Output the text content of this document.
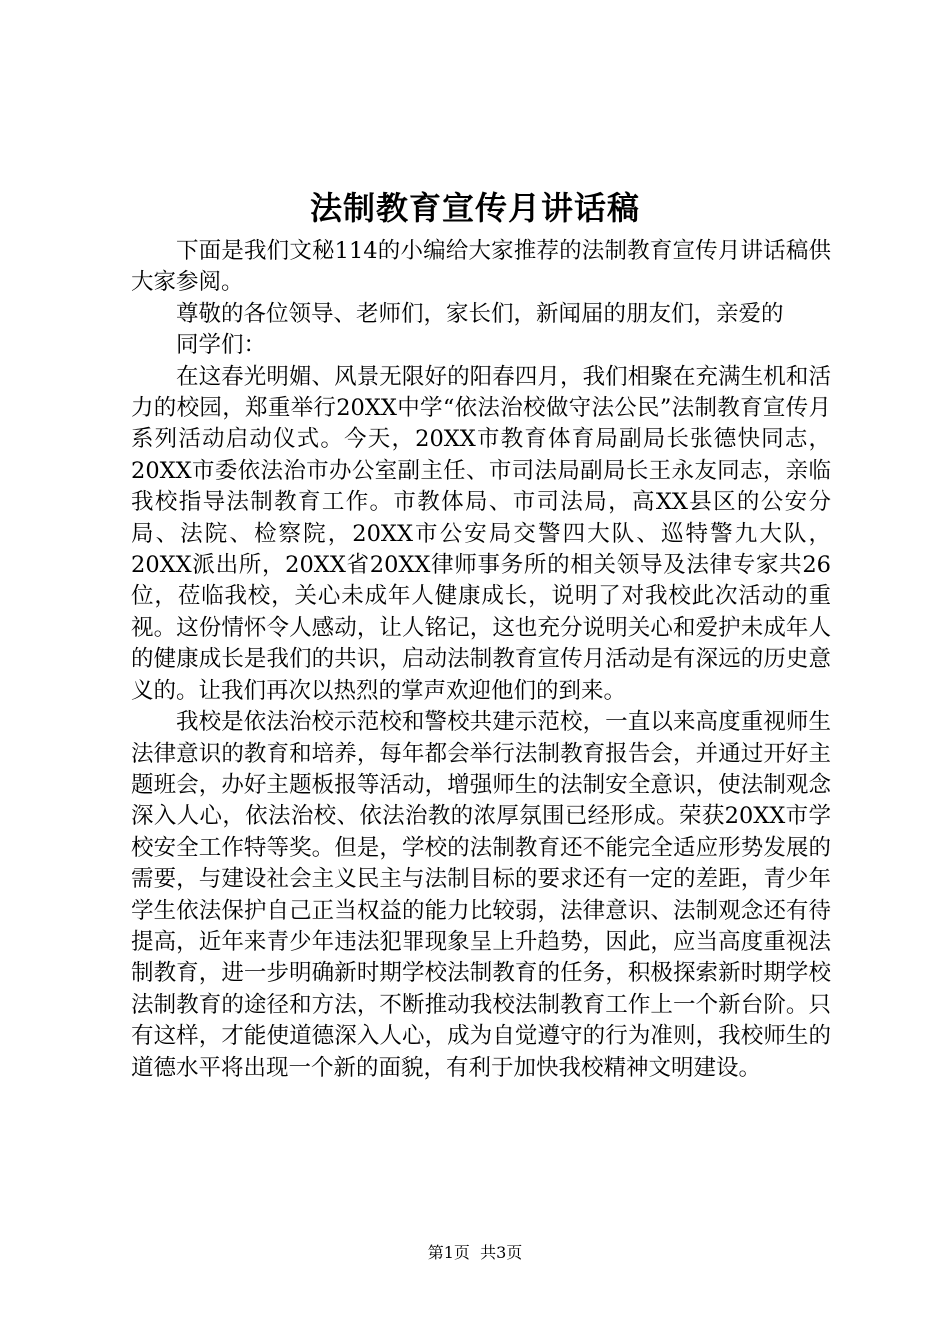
法制教育宣传月讲话稿

下面是我们文秘114的小编给大家推荐的法制教育宣传月讲话稿供大家参阅。

尊敬的各位领导、老师们，家长们，新闻届的朋友们，亲爱的

同学们：

在这春光明媚、风景无限好的阳春四月，我们相聚在充满生机和活力的校园，郑重举行20XX中学“依法治校做守法公民”法制教育宣传月系列活动启动仪式。今天，20XX市教育体育局副局长张德快同志，20XX市委依法治市办公室副主任、市司法局副局长王永友同志，亲临我校指导法制教育工作。市教体局、市司法局，高XX县区的公安分局、法院、检察院，20XX市公安局交警四大队、巡特警九大队，20XX派出所，20XX省20XX律师事务所的相关领导及法律专家共26位，莅临我校，关心未成年人健康成长，说明了对我校此次活动的重视。这份情怀令人感动，让人铭记，这也充分说明关心和爱护未成年人的健康成长是我们的共识，启动法制教育宣传月活动是有深远的历史意义的。让我们再次以热烈的掌声欢迎他们的到来。

我校是依法治校示范校和警校共建示范校，一直以来高度重视师生法律意识的教育和培养，每年都会举行法制教育报告会，并通过开好主题班会，办好主题板报等活动，增强师生的法制安全意识，使法制观念深入人心，依法治校、依法治教的浓厚氛围已经形成。荣获20XX市学校安全工作特等奖。但是，学校的法制教育还不能完全适应形势发展的需要，与建设社会主义民主与法制目标的要求还有一定的差距，青少年学生依法保护自己正当权益的能力比较弱，法律意识、法制观念还有待提高，近年来青少年违法犯罪现象呈上升趋势，因此，应当高度重视法制教育，进一步明确新时期学校法制教育的任务，积极探索新时期学校法制教育的途径和方法，不断推动我校法制教育工作上一个新台阶。只有这样，才能使道德深入人心，成为自觉遵守的行为准则，我校师生的道德水平将出现一个新的面貌，有利于加快我校精神文明建设。

第1页 共3页
